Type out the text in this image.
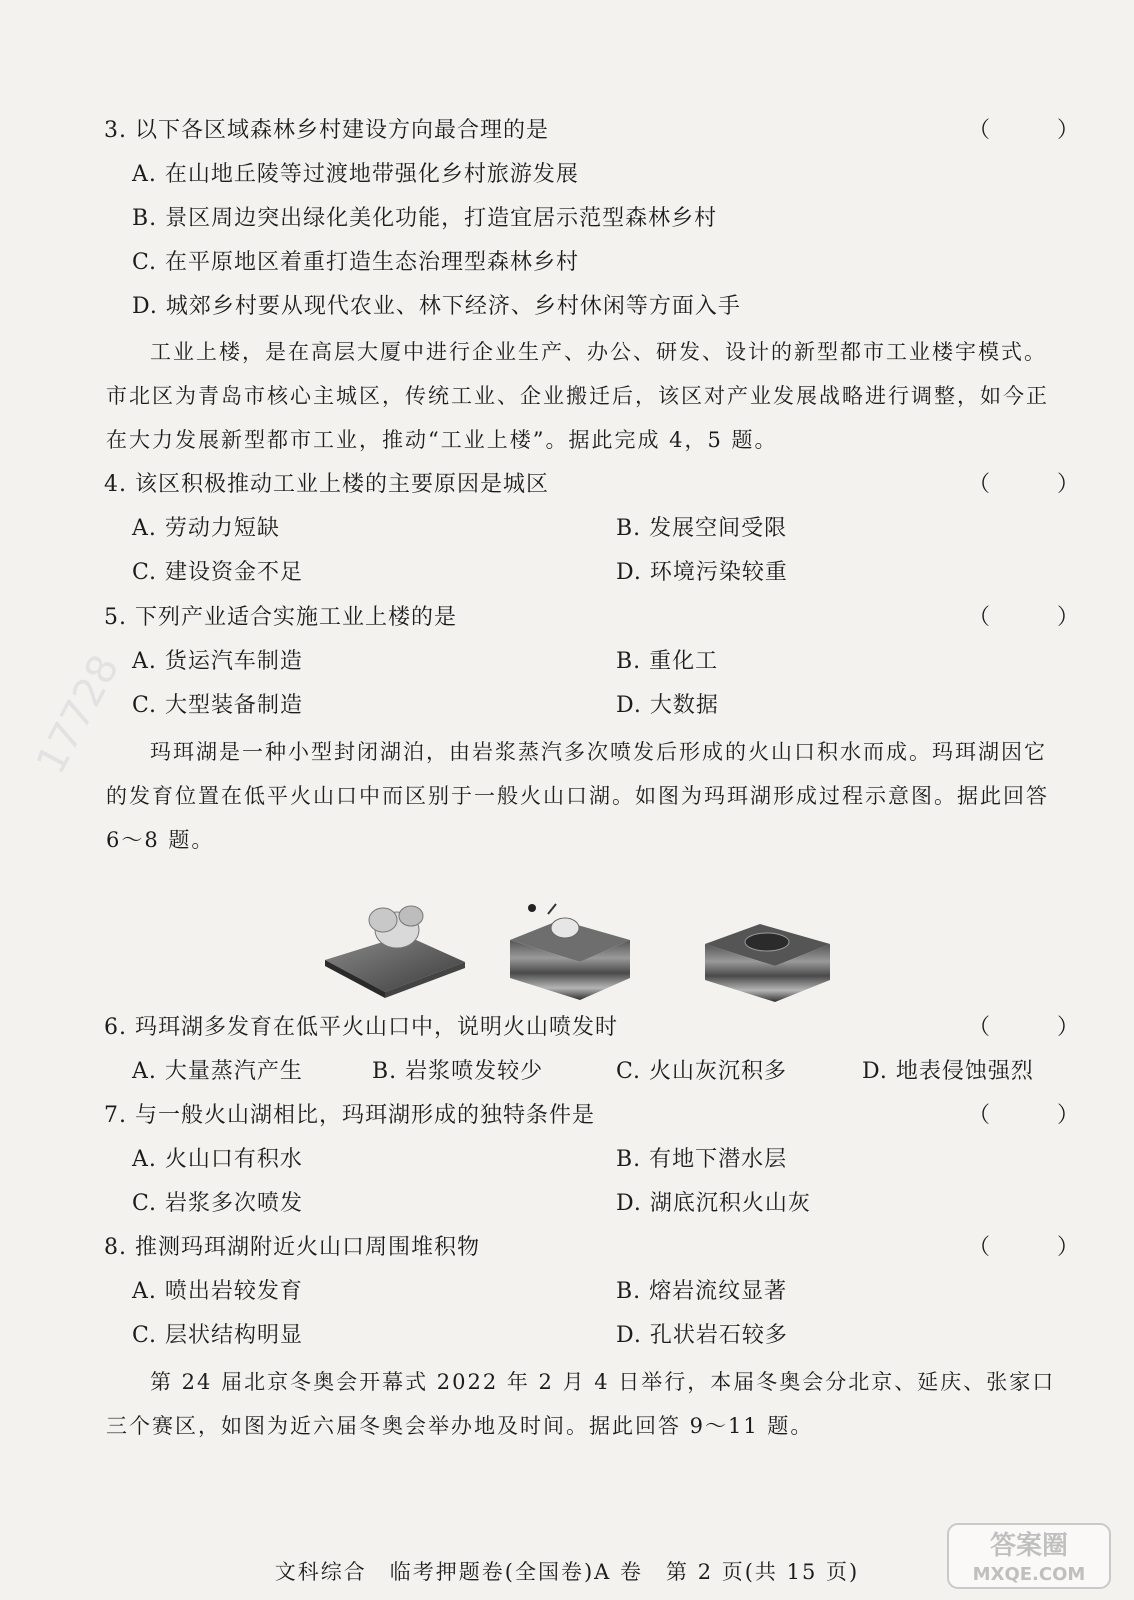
17728
3. 以下各区域森林乡村建设方向最合理的是	（ ）
A. 在山地丘陵等过渡地带强化乡村旅游发展
B. 景区周边突出绿化美化功能，打造宜居示范型森林乡村
C. 在平原地区着重打造生态治理型森林乡村
D. 城郊乡村要从现代农业、林下经济、乡村休闲等方面入手
工业上楼，是在高层大厦中进行企业生产、办公、研发、设计的新型都市工业楼宇模式。市北区为青岛市核心主城区，传统工业、企业搬迁后，该区对产业发展战略进行调整，如今正在大力发展新型都市工业，推动“工业上楼”。据此完成 4，5 题。
4. 该区积极推动工业上楼的主要原因是城区	（ ）
A. 劳动力短缺	B. 发展空间受限
C. 建设资金不足	D. 环境污染较重
5. 下列产业适合实施工业上楼的是	（ ）
A. 货运汽车制造	B. 重化工
C. 大型装备制造	D. 大数据
玛珥湖是一种小型封闭湖泊，由岩浆蒸汽多次喷发后形成的火山口积水而成。玛珥湖因它的发育位置在低平火山口中而区别于一般火山口湖。如图为玛珥湖形成过程示意图。据此回答 6～8 题。
6. 玛珥湖多发育在低平火山口中，说明火山喷发时	（ ）
A. 大量蒸汽产生	B. 岩浆喷发较少	C. 火山灰沉积多	D. 地表侵蚀强烈
7. 与一般火山湖相比，玛珥湖形成的独特条件是	（ ）
A. 火山口有积水	B. 有地下潜水层
C. 岩浆多次喷发	D. 湖底沉积火山灰
8. 推测玛珥湖附近火山口周围堆积物	（ ）
A. 喷出岩较发育	B. 熔岩流纹显著
C. 层状结构明显	D. 孔状岩石较多
第 24 届北京冬奥会开幕式 2022 年 2 月 4 日举行，本届冬奥会分北京、延庆、张家口三个赛区，如图为近六届冬奥会举办地及时间。据此回答 9～11 题。
文科综合　临考押题卷(全国卷)A 卷　第 2 页(共 15 页)
答案圈
MXQE.COM
